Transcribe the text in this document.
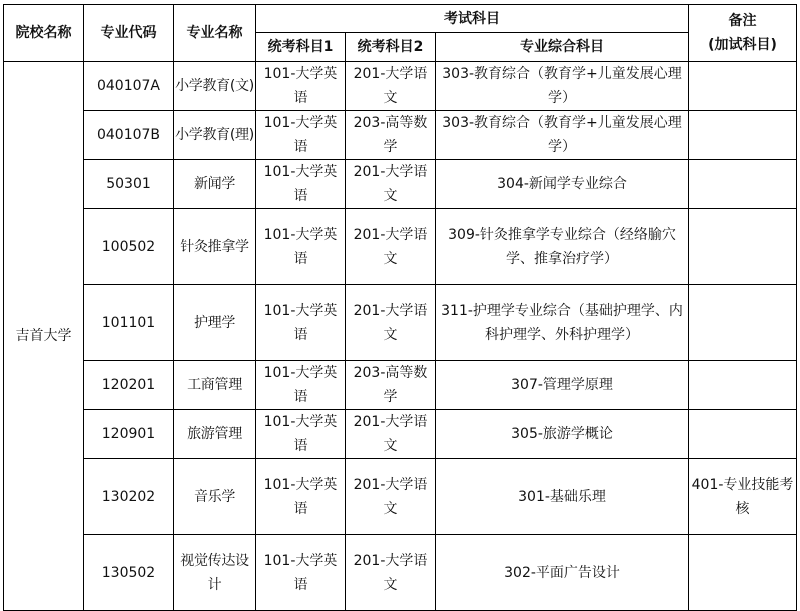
院校名称	专业代码	专业名称	考试科目			备注
(加试科目)

			统考科目1	统考科目2	专业综合科目	
吉首大学	040107A	小学教育(文)	101-大学英语	201-大学语文	303-教育综合（教育学+儿童发展心理学）	
	040107B	小学教育(理)	101-大学英语	203-高等数学	303-教育综合（教育学+儿童发展心理学）	
	50301	新闻学	101-大学英语	201-大学语文	304-新闻学专业综合	
	100502	针灸推拿学	101-大学英语	201-大学语文	309-针灸推拿学专业综合（经络腧穴学、推拿治疗学）	
	101101	护理学	101-大学英语	201-大学语文	311-护理学专业综合（基础护理学、内科护理学、外科护理学）	
	120201	工商管理	101-大学英语	203-高等数学	307-管理学原理	
	120901	旅游管理	101-大学英语	201-大学语文	305-旅游学概论	
	130202	音乐学	101-大学英语	201-大学语文	301-基础乐理	401-专业技能考核
	130502	视觉传达设计	101-大学英语	201-大学语文	302-平面广告设计	
